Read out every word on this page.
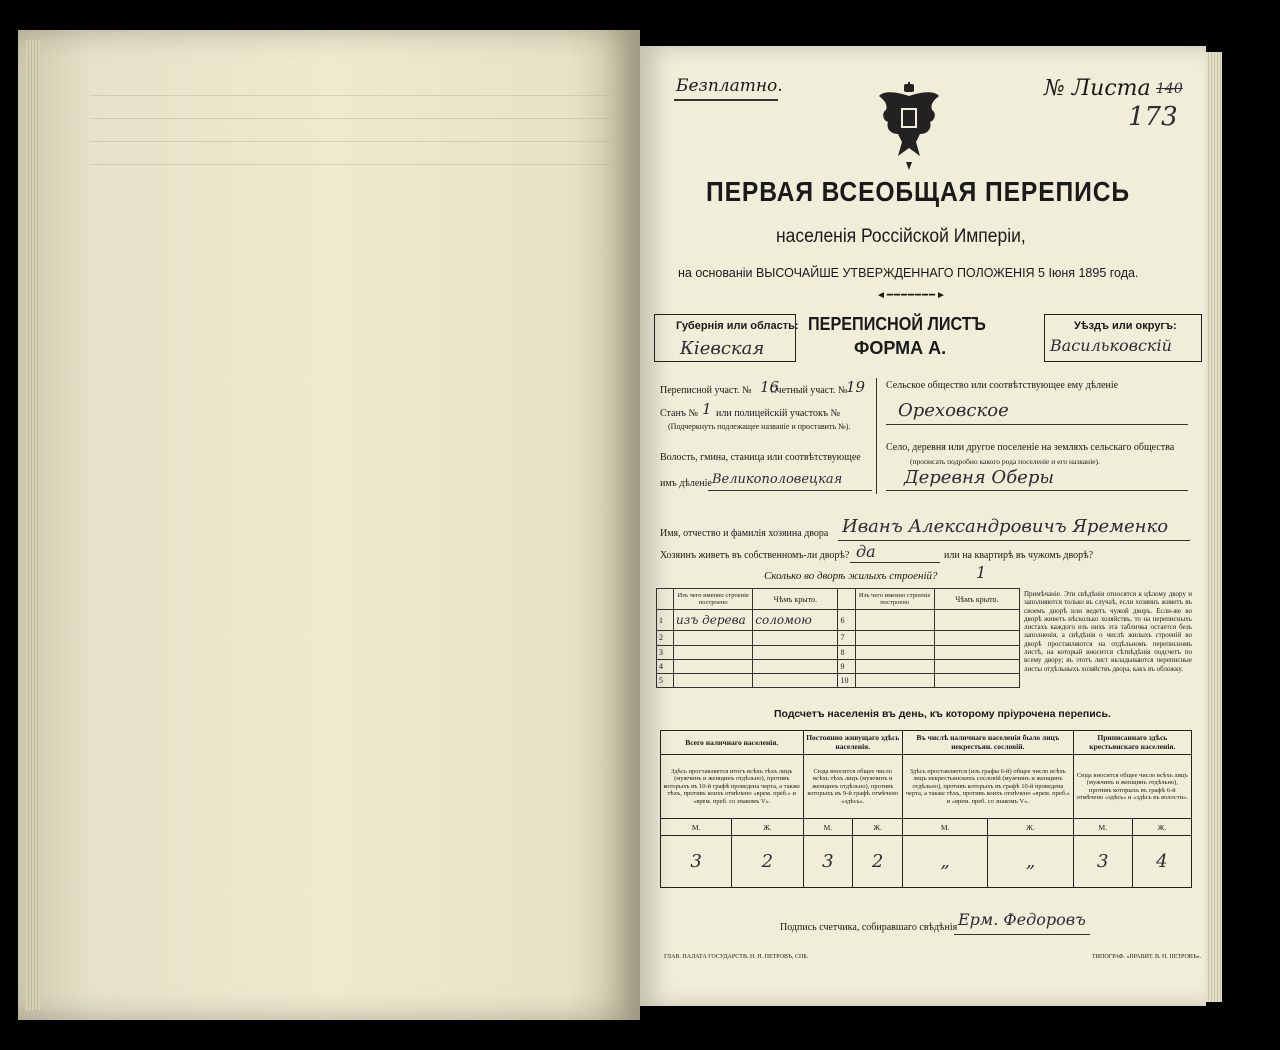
Безплатно.	№ Листа 140
173
ПЕРВАЯ ВСЕОБЩАЯ ПЕРЕПИСЬ
населенія Россійской Имперіи,
на основаніи ВЫСОЧАЙШЕ УТВЕРЖДЕННАГО ПОЛОЖЕНІЯ 5 Іюня 1895 года.
◄━━━━━━━►
Губернія или область:
Кіевская
ПЕРЕПИСНОЙ ЛИСТЪ
ФОРМА А.
Уѣздъ или округъ:
Васильковскій
Переписной участ. № 16
Счетный участ. №
19
Станъ № 1 или полицейскій участокъ №
(Подчеркнуть подлежащее названіе и проставить №).
Волость, гмина, станица или соотвѣтствующее
имъ дѣленіе Великополовецкая
Сельское общество или соотвѣтствующее ему дѣленіе
Ореховское
Село, деревня или другое поселеніе на земляхъ сельскаго общества
(прописать подробно какого рода поселеніе и его названіе).
Деревня Оберы
Имя, отчество и фамилія хозяина двора Иванъ Александровичъ Яременко
Хозяинъ живетъ въ собственномъ-ли дворѣ? да	или на квартирѣ въ чужомъ дворѣ?
Сколько во дворѣ жилыхъ строеній? 1
	Изъ чего именно строеніе построено	Чѣмъ крыто.		Изъ чего именно строеніе построено	Чѣмъ крыто.
1	изъ дерева	соломою	6		
2			7		
3			8		
4			9		
5			10		
Примѣчаніе. Эти свѣдѣнія относятся к цѣлому двору и заполняются только въ случаѣ, если хозяинъ живетъ въ своемъ дворѣ или ведетъ чужой дворъ. Если-же во дворѣ живетъ нѣсколько хозяйствъ, то на переписныхъ листахъ каждого изъ нихъ эта табличка остается безъ заполненія, а свѣдѣнія о числѣ жилыхъ строеній во дворѣ проставляются на отдѣльномъ переписномъ листѣ, на который вносится сѣтвѣдѣнія подсчетъ по всему двору; въ этотъ лист вкладываются переписные листы отдѣльныхъ хозяйствъ двора, какъ въ обложку.
Подсчетъ населенія въ день, къ которому пріурочена перепись.
Всего наличнаго населенія.		Постоянно живущаго здѣсь населенія.		Въ числѣ наличнаго населенія было лицъ некрестьян. сословій.		Приписаннаго здѣсь крестьянскаго населенія.	
Здѣсь проставляется итогъ всѣхъ тѣхъ лицъ (мужчинъ и женщинъ отдѣльно), противъ которыхъ въ 10-й графѣ проведена черта, а также тѣхъ, противъ коихъ отмѣчено «врем. преб.» и «врем. преб. со знакомъ V».		Сюда вносится общее число всѣхъ тѣхъ лицъ (мужчинъ и женщинъ отдѣльно), противъ которыхъ въ 9-й графѣ отмѣчено «здѣсь».		Здѣсь проставляется (изъ графы 6-й) общее число всѣхъ лицъ некрестьянскихъ сословій (мужчинъ и женщинъ отдѣльно), противъ которыхъ въ графѣ 10-й проведена черта, а также тѣхъ, противъ коихъ отмѣчено «врем. преб.» и «врем. преб. со знакомъ V».		Сюда вносится общее число всѣхъ лицъ (мужчинъ и женщинъ отдѣльно), противъ которыхъ въ графѣ 6-й отмѣчено «здѣсь» и «здѣсь въ волости».	
М.	Ж.	М.	Ж.	М.	Ж.	М.	Ж.
3	2	3	2	„	„	3	4
Подпись счетчика, собиравшаго свѣдѣнія Ерм. Федоровъ
ГЛАВ. ПАЛАТА ГОСУДАРСТВ. Н. Н. ПЕТРОВЪ, СПБ.	ТИПОГРАФ. «ПРАВИТ. В. Н. ПЕТРОВЪ».
